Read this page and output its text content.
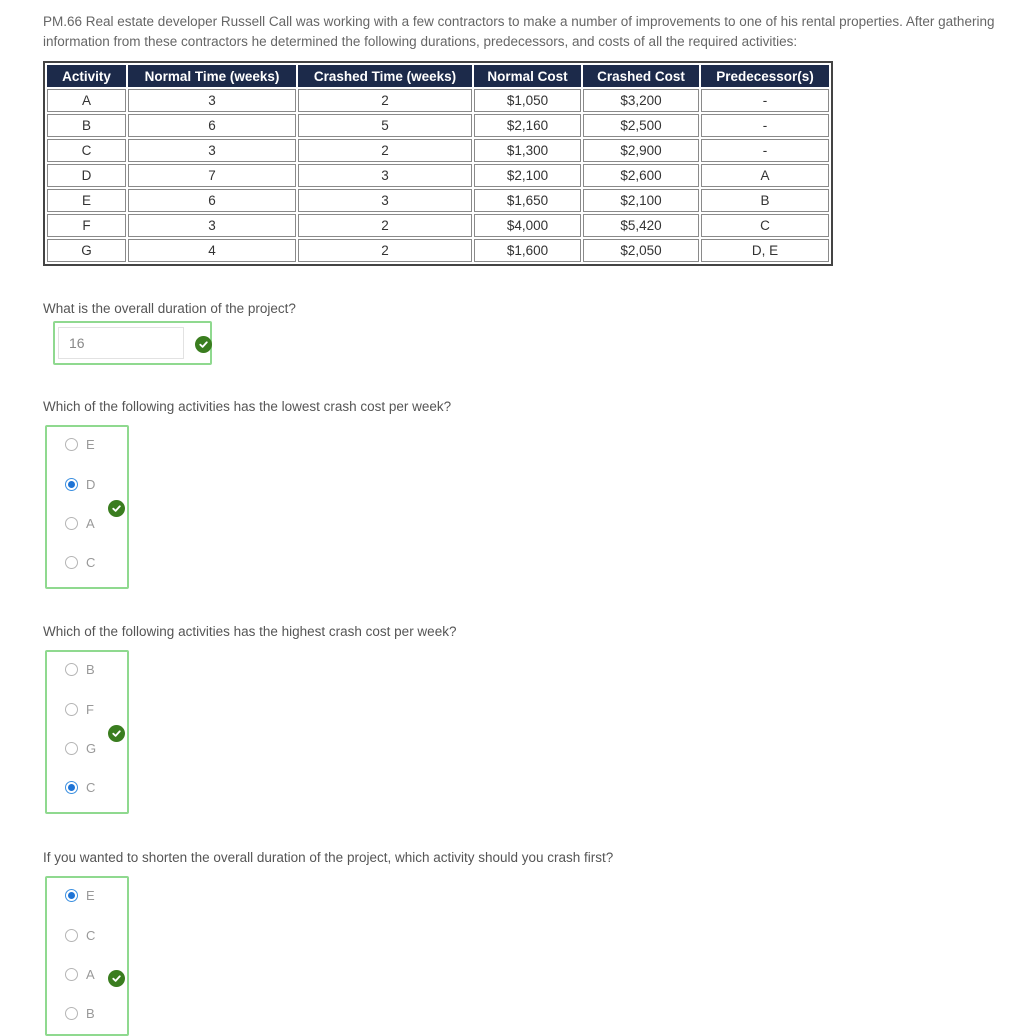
PM.66 Real estate developer Russell Call was working with a few contractors to make a number of improvements to one of his rental properties. After gathering information from these contractors he determined the following durations, predecessors, and costs of all the required activities:
Activity	Normal Time (weeks)	Crashed Time (weeks)	Normal Cost	Crashed Cost	Predecessor(s)
A	3	2	$1,050	$3,200	-
B	6	5	$2,160	$2,500	-
C	3	2	$1,300	$2,900	-
D	7	3	$2,100	$2,600	A
E	6	3	$1,650	$2,100	B
F	3	2	$4,000	$5,420	C
G	4	2	$1,600	$2,050	D, E
What is the overall duration of the project?
16
Which of the following activities has the lowest crash cost per week?
E
D
A
C
Which of the following activities has the highest crash cost per week?
B
F
G
C
If you wanted to shorten the overall duration of the project, which activity should you crash first?
E
C
A
B
